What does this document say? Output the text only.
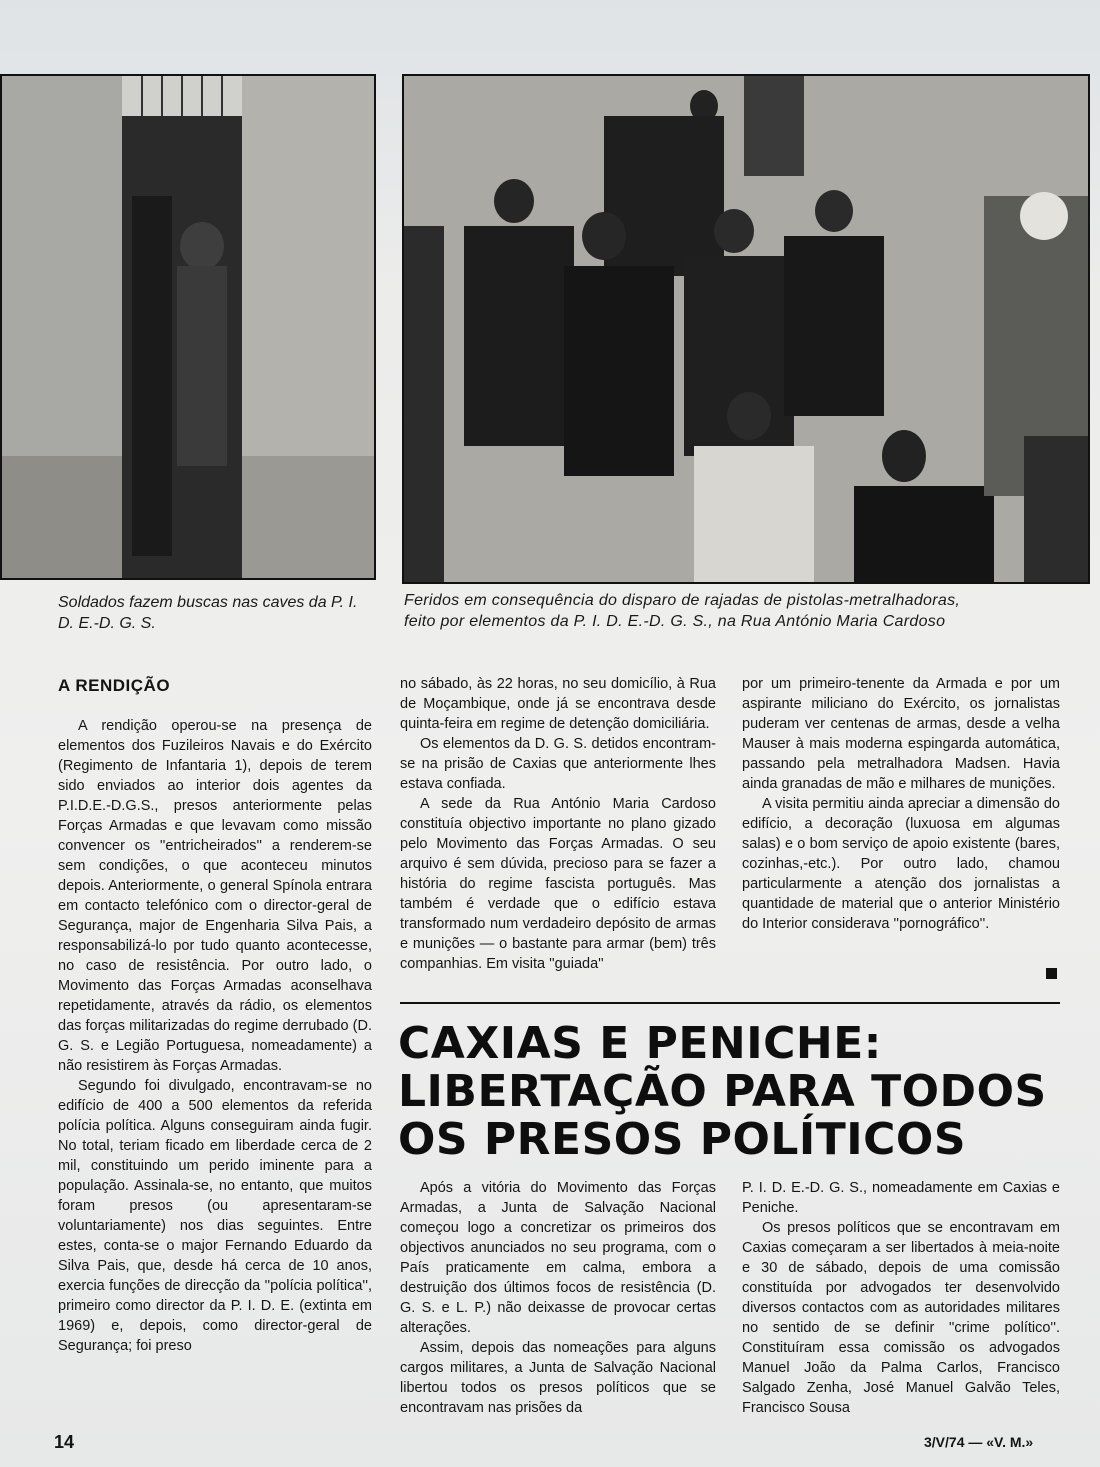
Soldados fazem buscas nas caves da P. I. D. E.-D. G. S.
Feridos em consequência do disparo de rajadas de pistolas-metralhadoras, feito por elementos da P. I. D. E.-D. G. S., na Rua António Maria Cardoso
A RENDIÇÃO

A rendição operou-se na presença de elementos dos Fuzileiros Navais e do Exército (Regimento de Infantaria 1), depois de terem sido enviados ao interior dois agentes da P.I.D.E.-D.G.S., presos anteriormente pelas Forças Armadas e que levavam como missão convencer os ''entricheirados'' a renderem-se sem condições, o que aconteceu minutos depois. Anteriormente, o general Spínola entrara em contacto telefónico com o director-geral de Segurança, major de Engenharia Silva Pais, a responsabilizá-lo por tudo quanto acontecesse, no caso de resistência. Por outro lado, o Movimento das Forças Armadas aconselhava repetidamente, através da rádio, os elementos das forças militarizadas do regime derrubado (D. G. S. e Legião Portuguesa, nomeadamente) a não resistirem às Forças Armadas.

Segundo foi divulgado, encontravam-se no edifício de 400 a 500 elementos da referida polícia política. Alguns conseguiram ainda fugir. No total, teriam ficado em liberdade cerca de 2 mil, constituindo um perido iminente para a população. Assinala-se, no entanto, que muitos foram presos (ou apresentaram-se voluntariamente) nos dias seguintes. Entre estes, conta-se o major Fernando Eduardo da Silva Pais, que, desde há cerca de 10 anos, exercia funções de direcção da ''polícia política'', primeiro como director da P. I. D. E. (extinta em 1969) e, depois, como director-geral de Segurança; foi preso

no sábado, às 22 horas, no seu domicílio, à Rua de Moçambique, onde já se encontrava desde quinta-feira em regime de detenção domiciliária.

Os elementos da D. G. S. detidos encontram-se na prisão de Caxias que anteriormente lhes estava confiada.

A sede da Rua António Maria Cardoso constituía objectivo importante no plano gizado pelo Movimento das Forças Armadas. O seu arquivo é sem dúvida, precioso para se fazer a história do regime fascista português. Mas também é verdade que o edifício estava transformado num verdadeiro depósito de armas e munições — o bastante para armar (bem) três companhias. Em visita ''guiada''

por um primeiro-tenente da Armada e por um aspirante miliciano do Exército, os jornalistas puderam ver centenas de armas, desde a velha Mauser à mais moderna espingarda automática, passando pela metralhadora Madsen. Havia ainda granadas de mão e milhares de munições.

A visita permitiu ainda apreciar a dimensão do edifício, a decoração (luxuosa em algumas salas) e o bom serviço de apoio existente (bares, cozinhas,-etc.). Por outro lado, chamou particularmente a atenção dos jornalistas a quantidade de material que o anterior Ministério do Interior considerava ''pornográfico''.

CAXIAS E PENICHE:
LIBERTAÇÃO PARA TODOS
OS PRESOS POLÍTICOS

Após a vitória do Movimento das Forças Armadas, a Junta de Salvação Nacional começou logo a concretizar os primeiros dos objectivos anunciados no seu programa, com o País praticamente em calma, embora a destruição dos últimos focos de resistência (D. G. S. e L. P.) não deixasse de provocar certas alterações.

Assim, depois das nomeações para alguns cargos militares, a Junta de Salvação Nacional libertou todos os presos políticos que se encontravam nas prisões da

P. I. D. E.-D. G. S., nomeadamente em Caxias e Peniche.

Os presos políticos que se encontravam em Caxias começaram a ser libertados à meia-noite e 30 de sábado, depois de uma comissão constituída por advogados ter desenvolvido diversos contactos com as autoridades militares no sentido de se definir ''crime político''. Constituíram essa comissão os advogados Manuel João da Palma Carlos, Francisco Salgado Zenha, José Manuel Galvão Teles, Francisco Sousa

14	3/V/74 — «V. M.»
